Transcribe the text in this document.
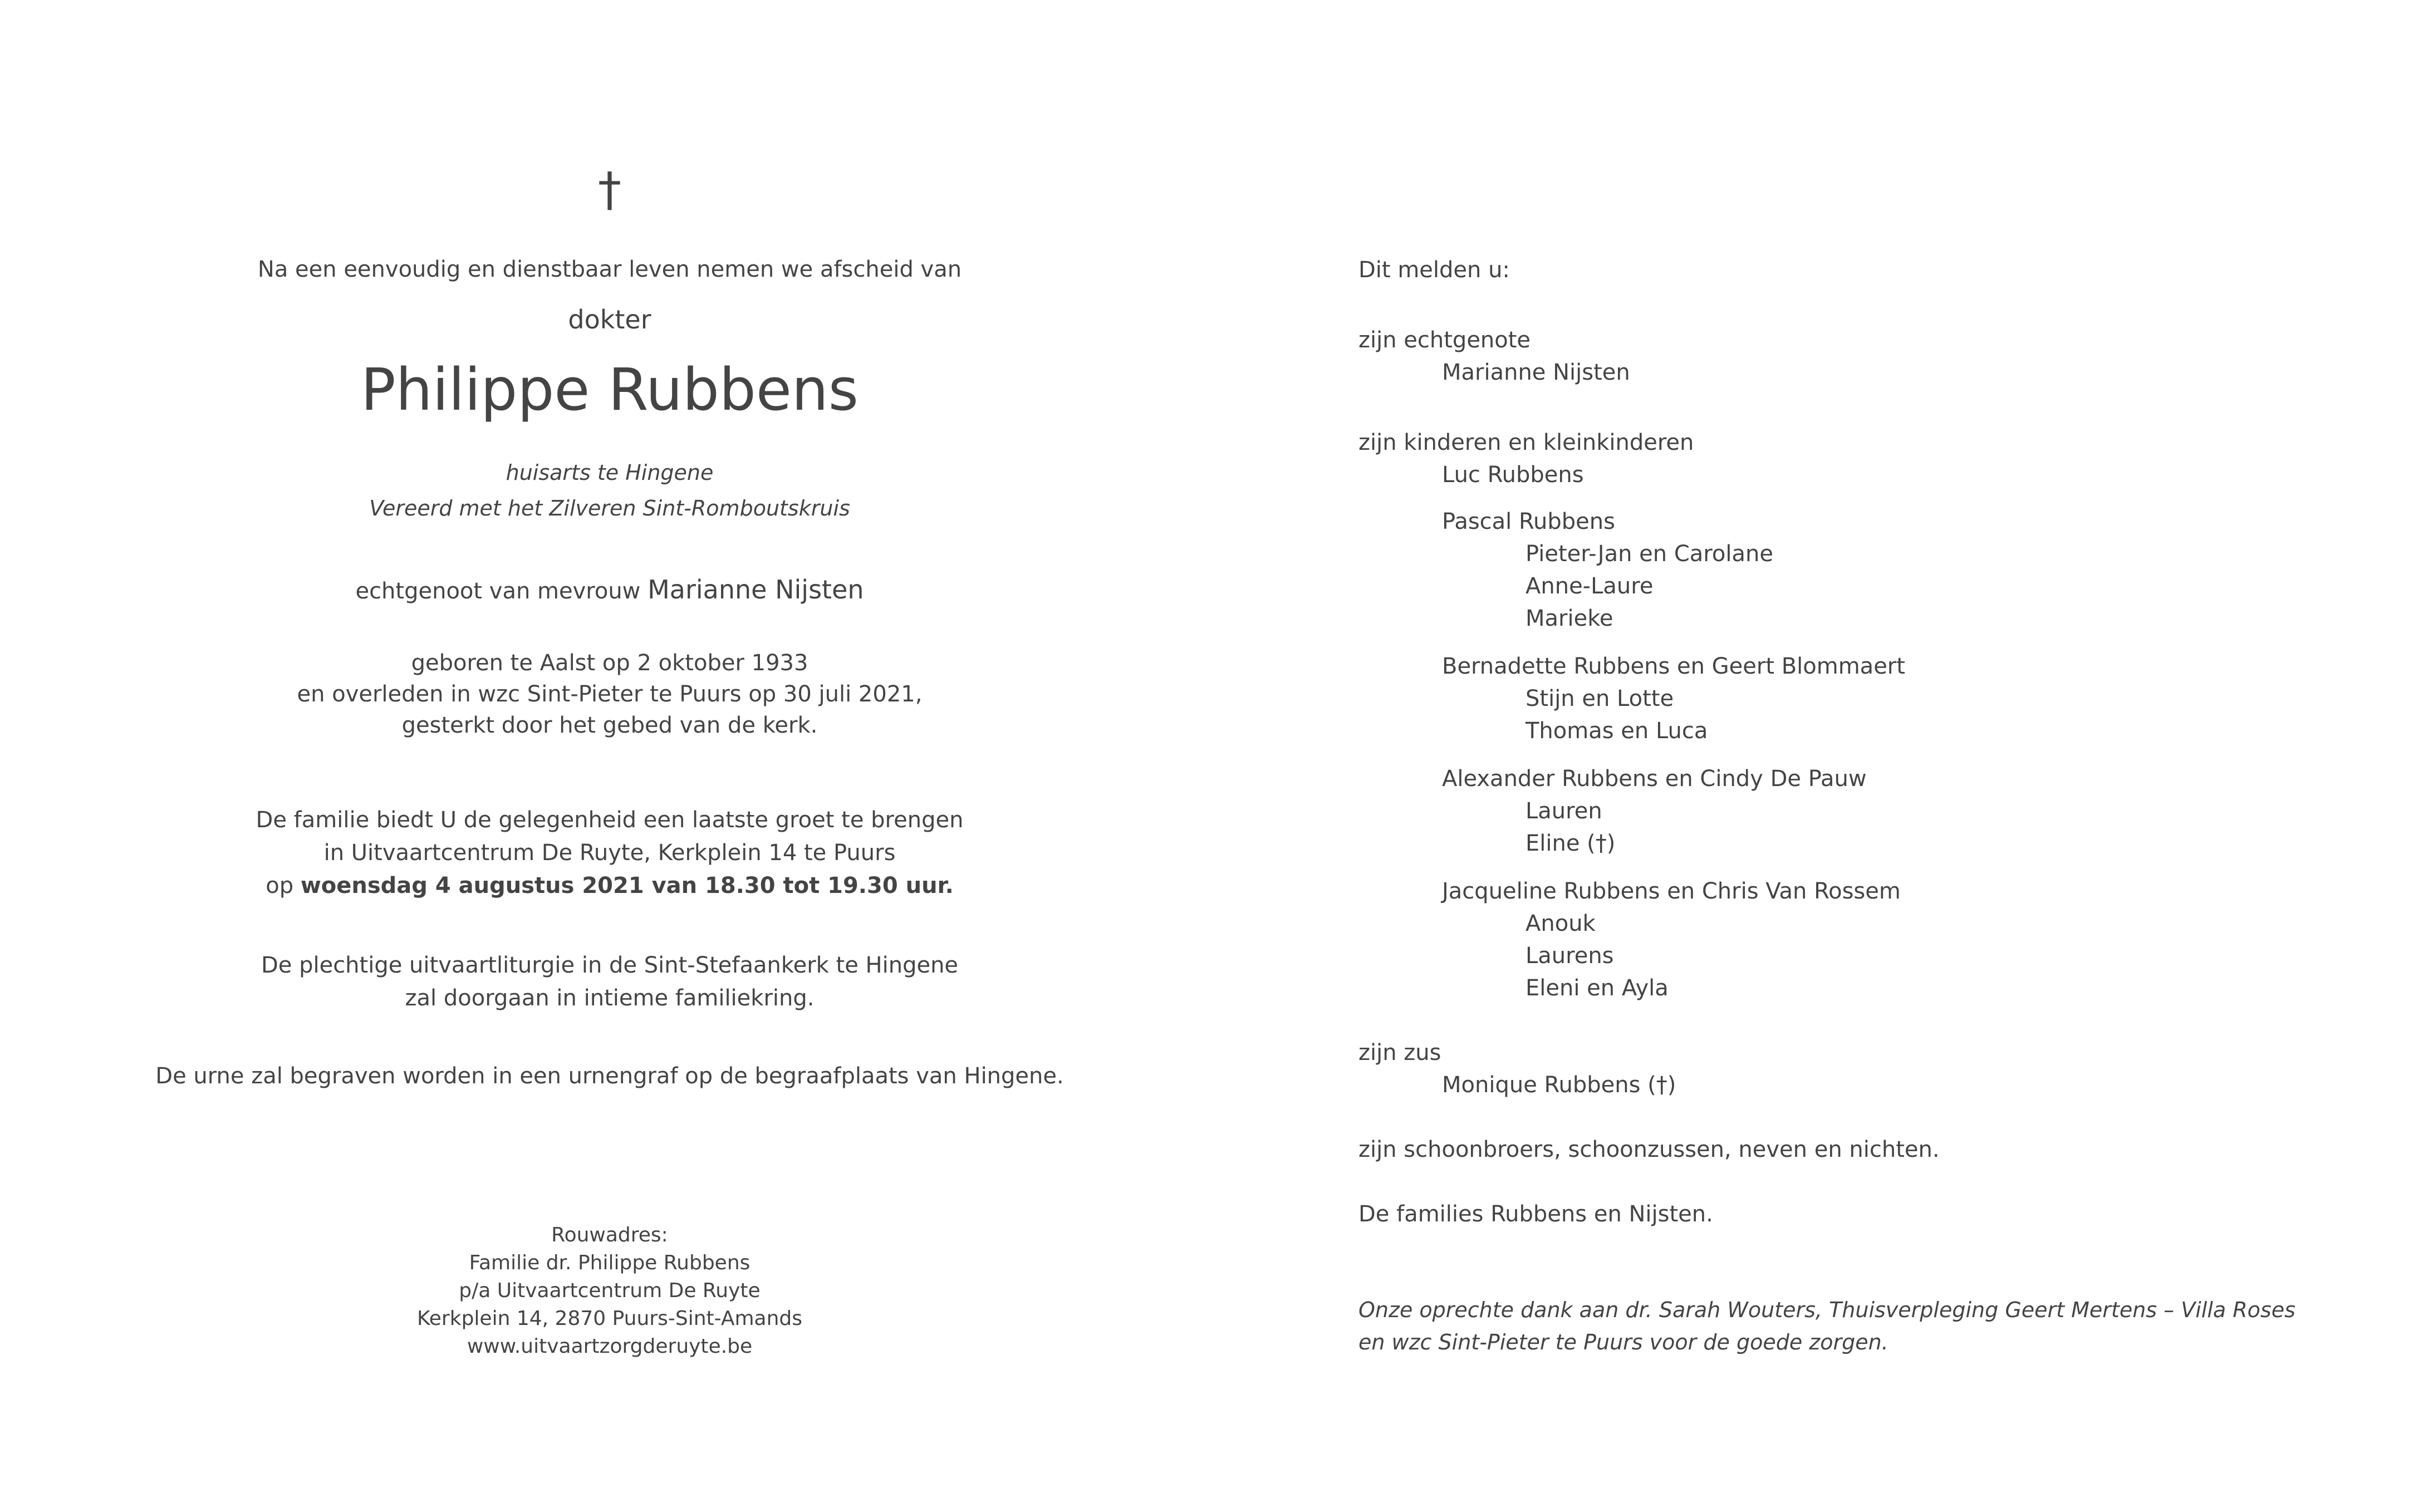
†
Na een eenvoudig en dienstbaar leven nemen we afscheid van
dokter
Philippe Rubbens
huisarts te Hingene
Vereerd met het Zilveren Sint-Romboutskruis
echtgenoot van mevrouw Marianne Nijsten
geboren te Aalst op 2 oktober 1933
en overleden in wzc Sint-Pieter te Puurs op 30 juli 2021,
gesterkt door het gebed van de kerk.
De familie biedt U de gelegenheid een laatste groet te brengen
in Uitvaartcentrum De Ruyte, Kerkplein 14 te Puurs
op woensdag 4 augustus 2021 van 18.30 tot 19.30 uur.
De plechtige uitvaartliturgie in de Sint-Stefaankerk te Hingene
zal doorgaan in intieme familiekring.
De urne zal begraven worden in een urnengraf op de begraafplaats van Hingene.
Rouwadres:
Familie dr. Philippe Rubbens
p/a Uitvaartcentrum De Ruyte
Kerkplein 14, 2870 Puurs-Sint-Amands
www.uitvaartzorgderuyte.be
Dit melden u:
zijn echtgenote
Marianne Nijsten
zijn kinderen en kleinkinderen
Luc Rubbens
Pascal Rubbens
Pieter-Jan en Carolane
Anne-Laure
Marieke
Bernadette Rubbens en Geert Blommaert
Stijn en Lotte
Thomas en Luca
Alexander Rubbens en Cindy De Pauw
Lauren
Eline (†)
Jacqueline Rubbens en Chris Van Rossem
Anouk
Laurens
Eleni en Ayla
zijn zus
Monique Rubbens (†)
zijn schoonbroers, schoonzussen, neven en nichten.
De families Rubbens en Nijsten.
Onze oprechte dank aan dr. Sarah Wouters, Thuisverpleging Geert Mertens – Villa Roses
en wzc Sint-Pieter te Puurs voor de goede zorgen.
